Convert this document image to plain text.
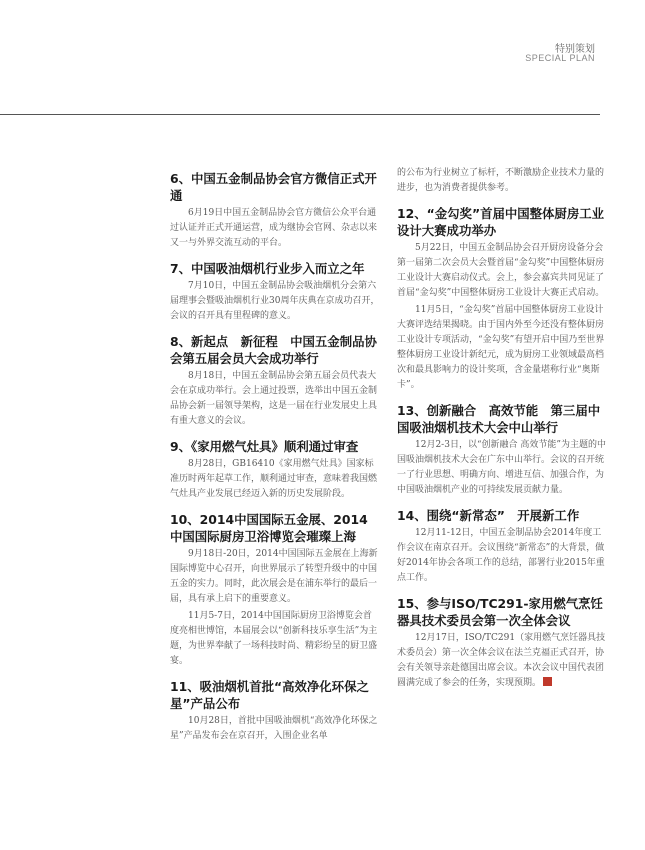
特别策划
SPECIAL PLAN
6、中国五金制品协会官方微信正式开通
6月19日中国五金制品协会官方微信公众平台通过认证并正式开通运营，成为继协会官网、杂志以来又一与外界交流互动的平台。
7、中国吸油烟机行业步入而立之年
7月10日，中国五金制品协会吸油烟机分会第六届理事会暨吸油烟机行业30周年庆典在京成功召开，会议的召开具有里程碑的意义。
8、新起点　新征程　中国五金制品协会第五届会员大会成功举行
8月18日，中国五金制品协会第五届会员代表大会在京成功举行。会上通过投票，选举出中国五金制品协会新一届领导架构，这是一届在行业发展史上具有重大意义的会议。
9、《家用燃气灶具》顺利通过审查
8月28日，GB16410《家用燃气灶具》国家标准历时两年起草工作，顺利通过审查，意味着我国燃气灶具产业发展已经迈入新的历史发展阶段。
10、2014中国国际五金展、2014中国国际厨房卫浴博览会璀璨上海
9月18日-20日，2014中国国际五金展在上海新国际博览中心召开，向世界展示了转型升级中的中国五金的实力。同时，此次展会是在浦东举行的最后一届，具有承上启下的重要意义。
11月5-7日，2014中国国际厨房卫浴博览会首度亮相世博馆，本届展会以“创新科技乐享生活”为主题，为世界奉献了一场科技时尚、精彩纷呈的厨卫盛宴。
11、吸油烟机首批“高效净化环保之星”产品公布
10月28日，首批中国吸油烟机“高效净化环保之星”产品发布会在京召开，入围企业名单
的公布为行业树立了标杆，不断激励企业技术力量的进步，也为消费者提供参考。
12、“金勾奖”首届中国整体厨房工业设计大赛成功举办
5月22日，中国五金制品协会召开厨房设备分会第一届第二次会员大会暨首届“金勾奖”中国整体厨房工业设计大赛启动仪式。会上，参会嘉宾共同见证了首届“金勾奖”中国整体厨房工业设计大赛正式启动。
11月5日，“金勾奖”首届中国整体厨房工业设计大赛评选结果揭晓。由于国内外至今还没有整体厨房工业设计专项活动，“金勾奖”有望开启中国乃至世界整体厨房工业设计新纪元，成为厨房工业领域最高档次和最具影响力的设计奖项，含金量堪称行业“奥斯卡”。
13、创新融合　高效节能　第三届中国吸油烟机技术大会中山举行
12月2-3日，以“创新融合 高效节能”为主题的中国吸油烟机技术大会在广东中山举行。会议的召开统一了行业思想、明确方向、增进互信、加强合作，为中国吸油烟机产业的可持续发展贡献力量。
14、围绕“新常态”　开展新工作
12月11-12日，中国五金制品协会2014年度工作会议在南京召开。会议围绕“新常态”的大背景，做好2014年协会各项工作的总结，部署行业2015年重点工作。
15、参与ISO/TC291-家用燃气烹饪器具技术委员会第一次全体会议
12月17日，ISO/TC291（家用燃气烹饪器具技术委员会）第一次全体会议在法兰克福正式召开，协会有关领导亲赴德国出席会议。本次会议中国代表团圆满完成了参会的任务，实现预期。
